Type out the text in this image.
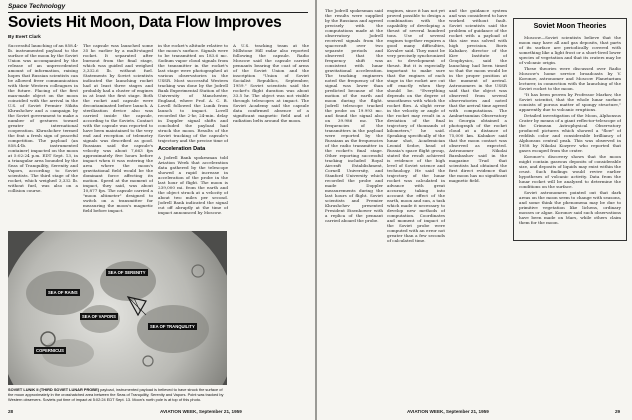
Space Technology
Soviets Hit Moon, Data Flow Improves
By Evert Clark
Successful launching of an 858.4-lb. instrumented payload to the surface of the moon by the Soviet Union was accompanied by the release of an unprecedented amount of information, raising hopes that Russian scientists can be allowed freer communication with their Western colleagues in the future. Placing of the first man-made object on the moon coincided with the arrival in the U.S. of Soviet Premier Nikita Khrushchev and a campaign by the Soviet government to make a number of gestures toward greater international cooperation. Khrushchev termed the feat a fresh sign of peaceful competition. The payload (an 858.4-lb. instrumented container) impacted on the moon at 5:02:24 p.m. EDT Sept. 13, in a triangular area bounded by the Seas of Tranquility, Serenity and Vapors, according to Soviet scientists. The third stage of the rocket, which weighed 3,332 lb. without fuel, was also on a collision course.
The capsule was launched some 35 hr. earlier by a multi-staged rocket. It separated after burnout from the final stage, which was guided and weighed 3,332.6 lb. without fuel. Statements by Soviet scientists indicated the launching rocket had at least three stages and probably had a cluster of engines in at least the first stage. Both the rocket and capsule were decontaminated before launch. A sterilization device also was carried inside the capsule, according to the Soviets. Contact with the capsule was reported to have been maintained to the very end and reception of telemetry signals was described as good. Russians said the capsule's velocity was about 7,663 fps approximately five hours before impact when it was entering the area where the moon's gravitational field would be the dominant force affecting its motion. Speed at the moment of impact, they said, was about 10,877 fps. The capsule carried a "moon altimeter" designed to switch on a transmitter for measuring the moon's magnetic field before impact.
in the rocket's altitude relative to the moon's surface. Signals were to be transmitted on 183.6 mc. Sodium vapor cloud signals from the transmitter in the rocket's last stage were photographed at various observatories in the USSR. Most successful Western tracking was done by the Jodrell Bank Experimental Station of the University of Manchester, England, where Prof. A. C. B. Lovell followed the Lunik from launch to impact. Lovell recorded the 2-hr, 24-min. delay in Doppler signal shifts and concluded the payload had struck the moon. Results of the Soviet tracking of the capsule's trajectory and the precise time of
Acceleration Data
A Jodrell Bank spokesman told Aviation Week that acceleration data gathered by the telescope showed a rapid increase in acceleration of the probe in the last hour of flight. The moon is 239,000 mi. from the earth and the object struck at a velocity of about two miles per second. Jodrell Bank indicated the signal cut off abruptly at the time of impact announced by Moscow.
A U.S. tracking team at the Millstone Hill radar also reported following the capsule. Radio Moscow said the capsule carried pennants bearing the coat of arms of the Soviet Union and the inscription "Union of Soviet Socialist Republics, September, 1959." Soviet scientists said the rocket's flight duration was about 33.5 hr. The object was not visible through telescopes at impact. The Soviet Academy said the capsule data confirmed absence of a significant magnetic field and of radiation belts around the moon.
SEA OF RAINS
SEA OF SERENITY
SEA OF VAPORS
COPERNICUS
SEA OF TRANQUILITY
SOVIET LUNIK II (THIRD SOVIET LUNAR PROBE) payload, instrumented payload is believed to have struck the surface of the moon approximately in the crosshatched area between the Seas of Tranquility, Serenity and Vapors. Point was tracked by Western observers. Soviets put time of impact at 5:02:24 EDT Sept. 13. Moon's north pole is at top of this photo.
28	AVIATION WEEK, September 21, 1959
The Jodrell spokesman said the results were supplied by the Russians and agreed precisely with the computations made at the observatory. Jodrell received signals from the spacecraft over two separate periods and observed that the frequency shift was consistent with lunar gravitational acceleration. The tracking engineers noted the frequency of the signal was lower than predicted because of the motion of the earth and moon during the flight. Jodrell telescope tracked the probe on 19.993 mc. and found the signal also on 39.986 mc. The frequencies of the transmitters in the payload were reported by the Russians as the frequencies of the radio transmitter in the rocket's final stage. Other reporting successful tracking included Royal Aircraft Establishment, Cornell University, and Stanford University which recorded the probe and made Doppler measurements during the last hours of flight. Soviet scientists and Premier Khrushchev presented President Eisenhower with a replica of the pennant carried aboard the probe.
engines, since it has not yet proved possible to design a combination with the capability of developing a thrust of several hundred tons. Use of several engines together requires a good many difficulties, Kovalev said. They must be very precisely synchronized as to development of thrust. But it is especially important to make sure that the engines of each stage in the rocket are cut off exactly when they should be. "Everything depends on the degree of smoothness with which the rocket flies. A slight error in the velocity or angle of the rocket may result in a deviation of the final trajectory of thousands of kilometers," he said. Speaking specifically of the lunar shot, Academician Leonid Sedov, head of Russia's space flight group, stated the result achieved is evidence of the high level of Soviet science and technology. He said the trajectory of the lunar rocket was calculated in advance with great accuracy, taking into account the effect of the earth, moon and sun, a task which made it necessary to develop new methods of computation. Coordinates and moment of impact of the Soviet probe were computed with an error not greater than a few seconds of calculated time.
and the guidance system and was considered to have worked without fault. Soviet scientists said the problem of guidance of the rocket with a payload of this size was solved with high precision. Boris Kabakov, director of the Kiev Institute of Geophysics, said the launching had been timed so that the moon would be in the proper position at the moment of arrival. Astronomers in the USSR said that the object was observed from several observatories and noted that the arrival time agreed with computations. The Amburtsumian Observatory in Georgia obtained a photograph of the rocket cloud at a distance of 75,000 km. Kabakov said that the moon contact was observed as expected. Astronomer Nikolai Barabashov said in the magazine Trud that scientists had obtained the first direct evidence that the moon has no significant magnetic field.
Soviet Moon Theories

Moscow—Soviet scientists believe that the moon may have all and gas deposits, that parts of its surface are periodically covered with something like a light frost or a short-lived lower species of vegetation and that its craters may be of volcanic origin.

These theories were discussed over Radio Moscow's home service broadcasts by V. Koronov, astronomer and Moscow Planetarium lecturer, in connection with the launching of the Soviet rocket to the moon.

"It has been proven by Professor Markov, the Soviet scientist, that the whole lunar surface consists of porous matter of spongy structure," apparently due to volcanic eruptions.

Detailed investigation of the Moon, Alphonsus Crater by means of a giant reflector-telescope of the Crimean Astrophysical Observatory produced pictures which showed a "flow" of reddish color and considerable brilliancy of Alphonsus central peak. This was observed in 1958 by Nikolai Kozyrev who reported that gases escaped from the crater.

Koronov's discovery shows that the moon might contain gaseous deposits of considerable size, and deposits of liquids may exist within the crust. Such findings would revive earlier hypotheses of volcanic activity. Data from the lunar rocket will be analyzed to determine the conditions on the surface.

Soviet astronomers pointed out that dark areas on the moon seem to change with seasons, and some think the phenomena may be due to primitive vegetation like lichens, ordinary mosses or algae. Koronov said such observations have been made on Mars, while others claim them for the moon.

AVIATION WEEK, September 21, 1959	29
